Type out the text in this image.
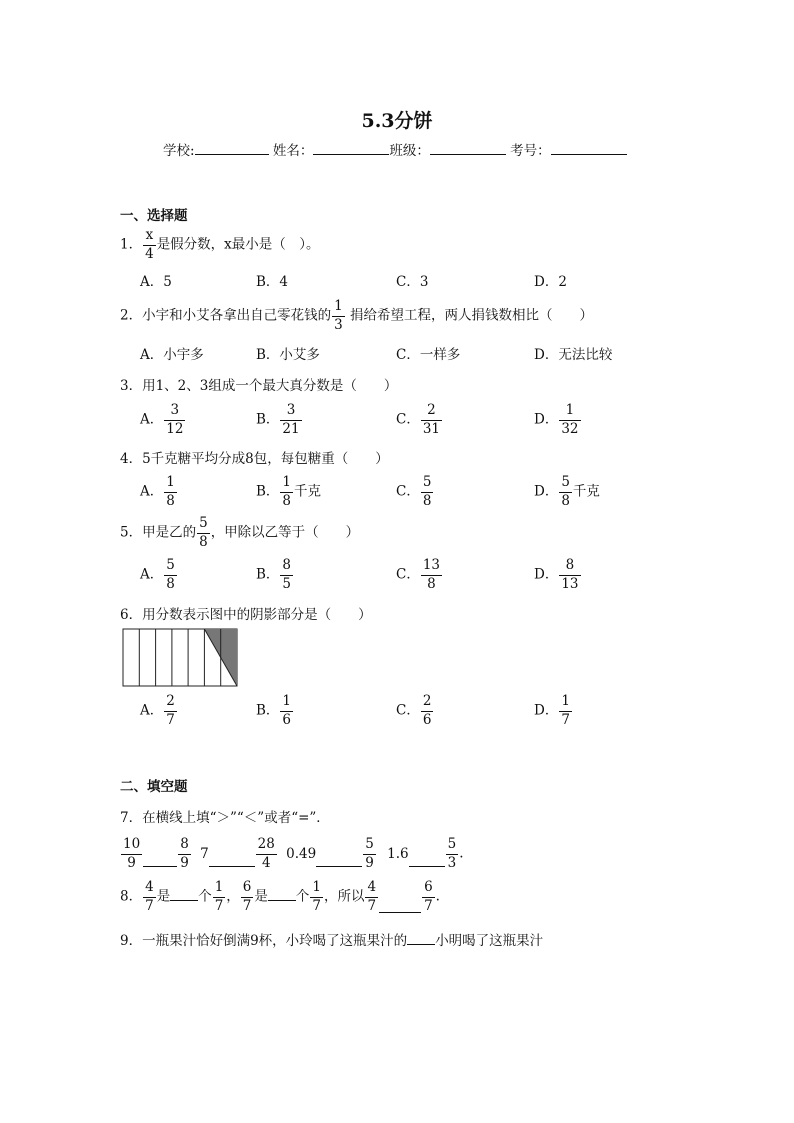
5.3分饼
学校:	姓名：	班级：	考号：
一、选择题
1． $\frac{x}{4}$ 是假分数，x最小是（　）。
A．5	B．4	C．3	D．2
2．小宇和小艾各拿出自己零花钱的 $\frac{1}{3}$ 捐给希望工程，两人捐钱数相比（　　）
A．小宇多	B．小艾多	C．一样多	D．无法比较
3．用1、2、3组成一个最大真分数是（　　）
A． $\frac{3}{12}$	B． $\frac{3}{21}$	C． $\frac{2}{31}$	D． $\frac{1}{32}$
4．5千克糖平均分成8包，每包糖重（　　）
A． $\frac{1}{8}$	B． $\frac{1}{8}$ 千克	C． $\frac{5}{8}$	D． $\frac{5}{8}$ 千克
5．甲是乙的 $\frac{5}{8}$ ，甲除以乙等于（　　）
A． $\frac{5}{8}$	B． $\frac{8}{5}$	C． $\frac{13}{8}$	D． $\frac{8}{13}$
6．用分数表示图中的阴影部分是（　　）
A． $\frac{2}{7}$	B． $\frac{1}{6}$	C． $\frac{2}{6}$	D． $\frac{1}{7}$
二、填空题
7．在横线上填“＞”“＜”或者“=”．
$\frac{10}{9}$	$\frac{8}{9} 7$	$\frac{28}{4} 0.49$	$\frac{5}{9} 1.6$	$\frac{5}{3}$ .
8． $\frac{4}{7}$ 是 个 $\frac{1}{7}$ ， $\frac{6}{7}$ 是 个 $\frac{1}{7}$ ，所以 $\frac{4}{7}$	$\frac{6}{7}$ .
9．一瓶果汁恰好倒满9杯，小玲喝了这瓶果汁的 小明喝了这瓶果汁
